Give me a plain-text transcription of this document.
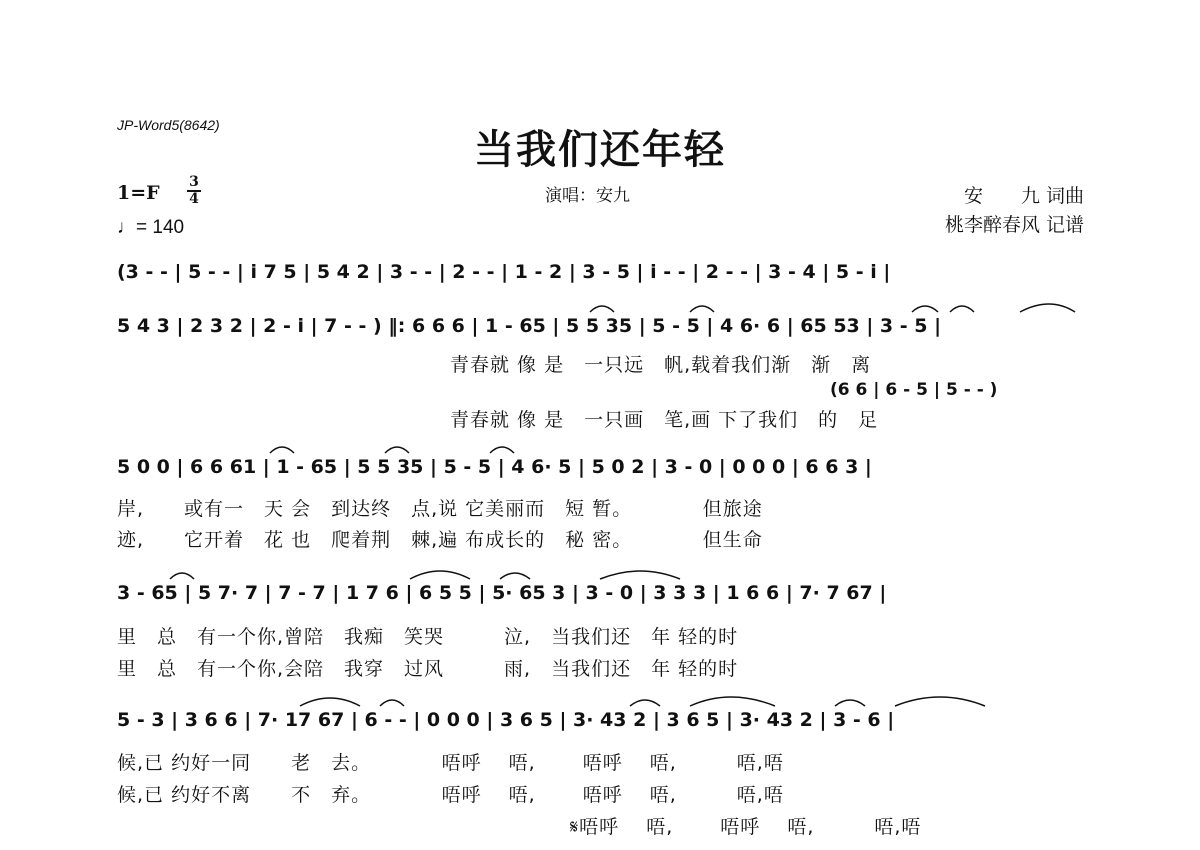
JP-Word5(8642)
当我们还年轻
1=F 3
4
♩= 140
演唱：安九	安　　九 词曲
桃李醉春风 记谱
(3 - - | 5 - - | i 7 5 | 5 4 2 | 3 - - | 2 - - | 1 - 2 | 3 - 5 | i - - | 2 - - | 3 - 4 | 5 - i |
5 4 3 | 2 3 2 | 2 - i | 7 - - ) ‖: 6 6 6 | 1 - 65 | 5 5 35 | 5 - 5 | 4 6· 6 | 65 53 | 3 - 5 |
青春就 像 是　一只远　帆,载着我们渐　渐　离
(6 6 | 6 - 5 | 5 - - )
青春就 像 是　一只画　笔,画 下了我们　的　足
5 0 0 | 6 6 61 | 1 - 65 | 5 5 35 | 5 - 5 | 4 6· 5 | 5 0 2 | 3 - 0 | 0 0 0 | 6 6 3 |
岸,　　或有一　天 会　到达终　点,说 它美丽而　短 暂。　　　　但旅途
迹,　　它开着　花 也　爬着荆　棘,遍 布成长的　秘 密。　　　　但生命
3 - 65 | 5 7· 7 | 7 - 7 | 1 7 6 | 6 5 5 | 5· 65 3 | 3 - 0 | 3 3 3 | 1 6 6 | 7· 7 67 |
里　总　有一个你,曾陪　我痴　笑哭　　　泣,　当我们还　年 轻的时
里　总　有一个你,会陪　我穿　过风　　　雨,　当我们还　年 轻的时
5 - 3 | 3 6 6 | 7· 17 67 | 6 - - | 0 0 0 | 3 6 5 | 3· 43 2 | 3 6 5 | 3· 43 2 | 3 - 6 |
候,已 约好一同　　老　去。　　　　唔呼　 唔,　　 唔呼　 唔,　　　唔,唔
候,已 约好不离　　不　弃。　　　　唔呼　 唔,　　 唔呼　 唔,　　　唔,唔
𝄋唔呼　 唔,　　 唔呼　 唔,　　　唔,唔
